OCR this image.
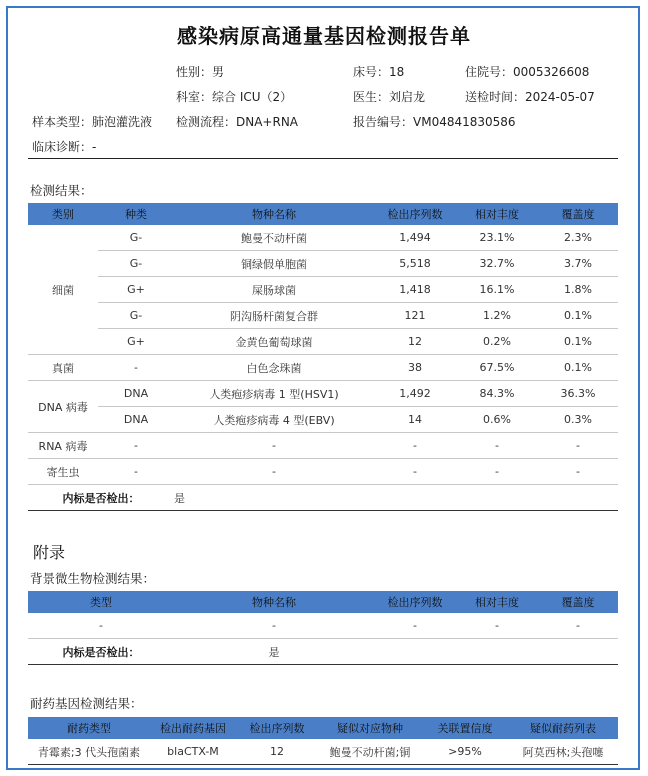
感染病原高通量基因检测报告单
性别：男	床号：18	住院号：0005326608
科室：综合 ICU（2）	医生：刘启龙	送检时间：2024-05-07
样本类型：肺泡灌洗液 检测流程：DNA+RNA	报告编号：VM04841830586
临床诊断：-
检测结果：
类别	种类	物种名称	检出序列数	相对丰度	覆盖度
细菌	G-	鲍曼不动杆菌	1,494	23.1%	2.3%
	G-	铜绿假单胞菌	5,518	32.7%	3.7%
	G+	屎肠球菌	1,418	16.1%	1.8%
	G-	阴沟肠杆菌复合群	121	1.2%	0.1%
	G+	金黄色葡萄球菌	12	0.2%	0.1%
真菌	-	白色念珠菌	38	67.5%	0.1%
DNA 病毒	DNA	人类疱疹病毒 1 型(HSV1)	1,492	84.3%	36.3%
	DNA	人类疱疹病毒 4 型(EBV)	14	0.6%	0.3%
RNA 病毒	-	-	-	-	-
寄生虫	-	-	-	-	-
内标是否检出：		是			
附录
背景微生物检测结果：
类型	物种名称	检出序列数	相对丰度	覆盖度
-	-	-	-	-
内标是否检出：	是			
耐药基因检测结果：
耐药类型	检出耐药基因	检出序列数	疑似对应物种	关联置信度	疑似耐药列表
青霉素;3 代头孢菌素	blaCTX-M	12	鲍曼不动杆菌;铜	>95%	阿莫西林;头孢噻
